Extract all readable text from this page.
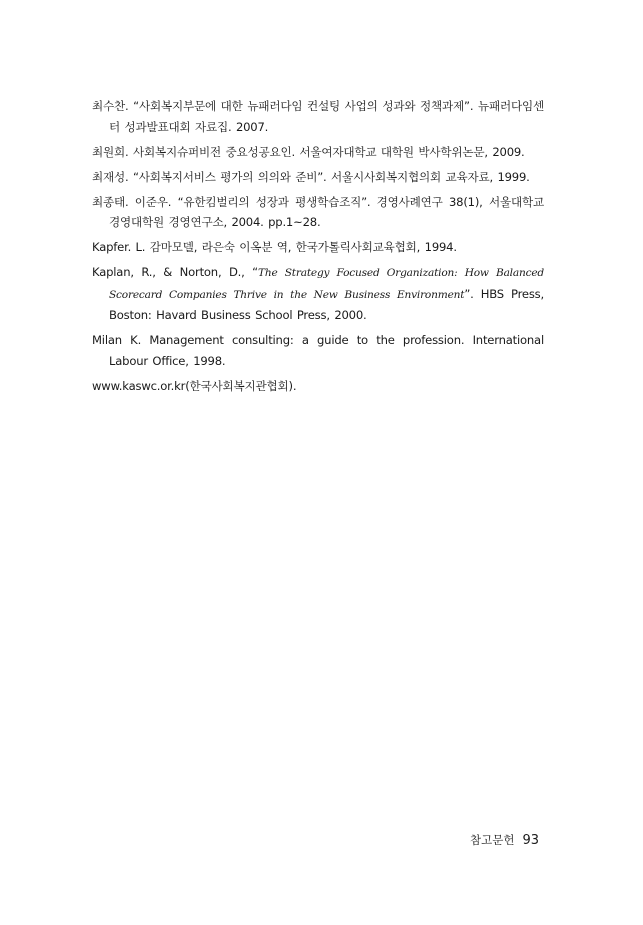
최수찬. “사회복지부문에 대한 뉴패러다임 컨설팅 사업의 성과와 정책과제”. 뉴패러다임센터 성과발표대회 자료집. 2007.

최원희. 사회복지슈퍼비전 중요성공요인. 서울여자대학교 대학원 박사학위논문, 2009.

최재성. “사회복지서비스 평가의 의의와 준비”. 서울시사회복지협의회 교육자료, 1999.

최종태. 이준우. “유한킴벌리의 성장과 평생학습조직”. 경영사례연구 38(1), 서울대학교 경영대학원 경영연구소, 2004. pp.1~28.

Kapfer. L. 감마모델, 라은숙 이옥분 역, 한국가톨릭사회교육협회, 1994.

Kaplan, R., & Norton, D., “The Strategy Focused Organization: How Balanced Scorecard Companies Thrive in the New Business Environment”. HBS Press, Boston: Havard Business School Press, 2000.

Milan K. Management consulting: a guide to the profession. International Labour Office, 1998.

www.kaswc.or.kr(한국사회복지관협회).

참고문헌 93
